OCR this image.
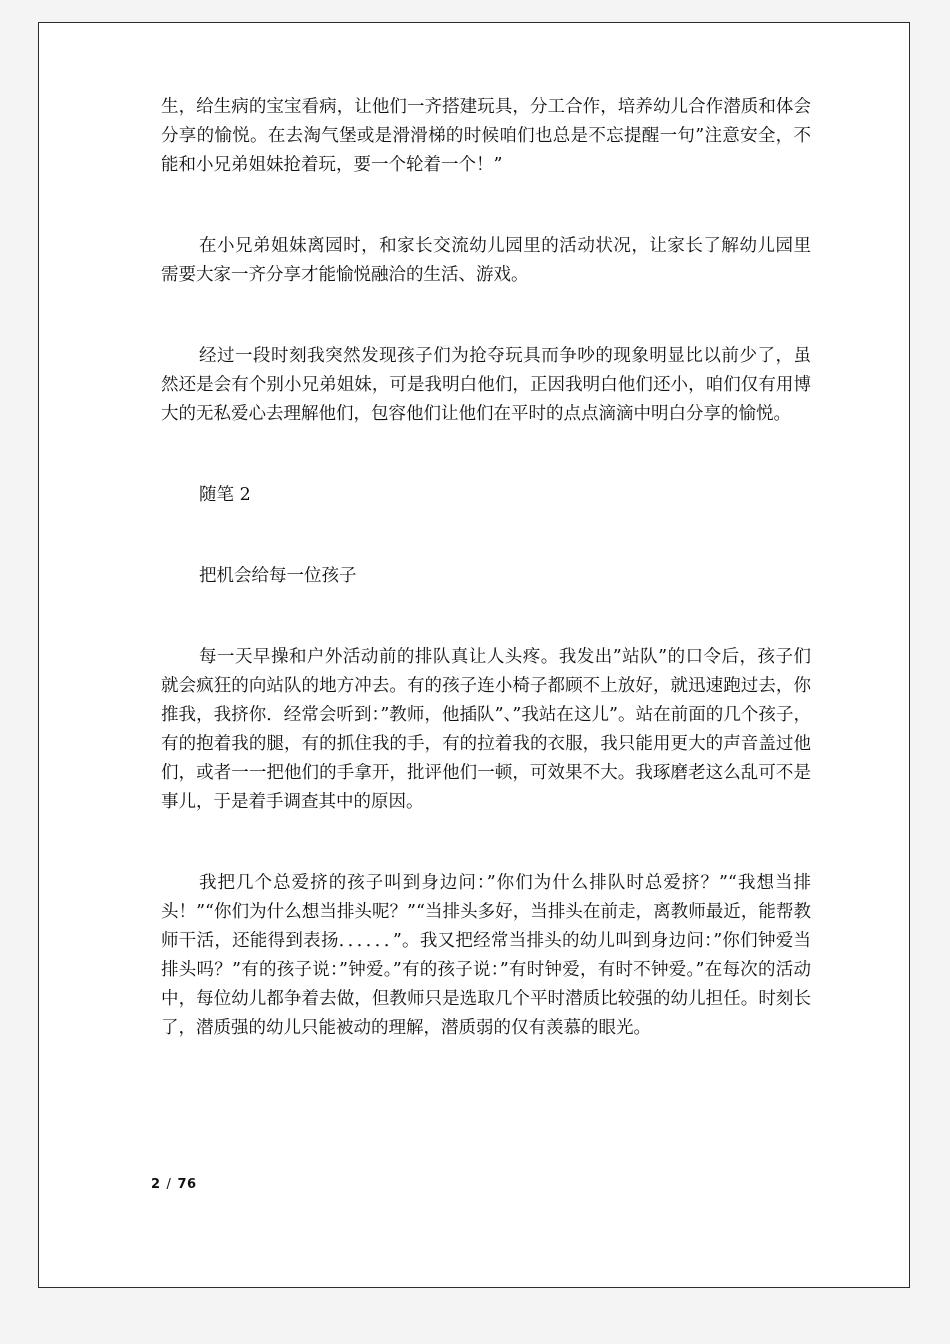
生，给生病的宝宝看病，让他们一齐搭建玩具，分工合作，培养幼儿合作潜质和体会分享的愉悦。在去淘气堡或是滑滑梯的时候咱们也总是不忘提醒一句”注意安全，不能和小兄弟姐妹抢着玩，要一个轮着一个！”

在小兄弟姐妹离园时，和家长交流幼儿园里的活动状况，让家长了解幼儿园里需要大家一齐分享才能愉悦融洽的生活、游戏。

经过一段时刻我突然发现孩子们为抢夺玩具而争吵的现象明显比以前少了，虽然还是会有个别小兄弟姐妹，可是我明白他们，正因我明白他们还小，咱们仅有用博大的无私爱心去理解他们，包容他们让他们在平时的点点滴滴中明白分享的愉悦。

随笔 2

把机会给每一位孩子

每一天早操和户外活动前的排队真让人头疼。我发出”站队”的口令后，孩子们就会疯狂的向站队的地方冲去。有的孩子连小椅子都顾不上放好，就迅速跑过去，你推我，我挤你．经常会听到：”教师，他插队”、”我站在这儿”。站在前面的几个孩子，有的抱着我的腿，有的抓住我的手，有的拉着我的衣服，我只能用更大的声音盖过他们，或者一一把他们的手拿开，批评他们一顿，可效果不大。我琢磨老这么乱可不是事儿，于是着手调查其中的原因。

我把几个总爱挤的孩子叫到身边问：”你们为什么排队时总爱挤？”“我想当排头！”“你们为什么想当排头呢？”“当排头多好，当排头在前走，离教师最近，能帮教师干活，还能得到表扬．．．．．．”。我又把经常当排头的幼儿叫到身边问：”你们钟爱当排头吗？”有的孩子说：”钟爱。”有的孩子说：”有时钟爱，有时不钟爱。”在每次的活动中，每位幼儿都争着去做，但教师只是选取几个平时潜质比较强的幼儿担任。时刻长了，潜质强的幼儿只能被动的理解，潜质弱的仅有羡慕的眼光。

2 / 76
